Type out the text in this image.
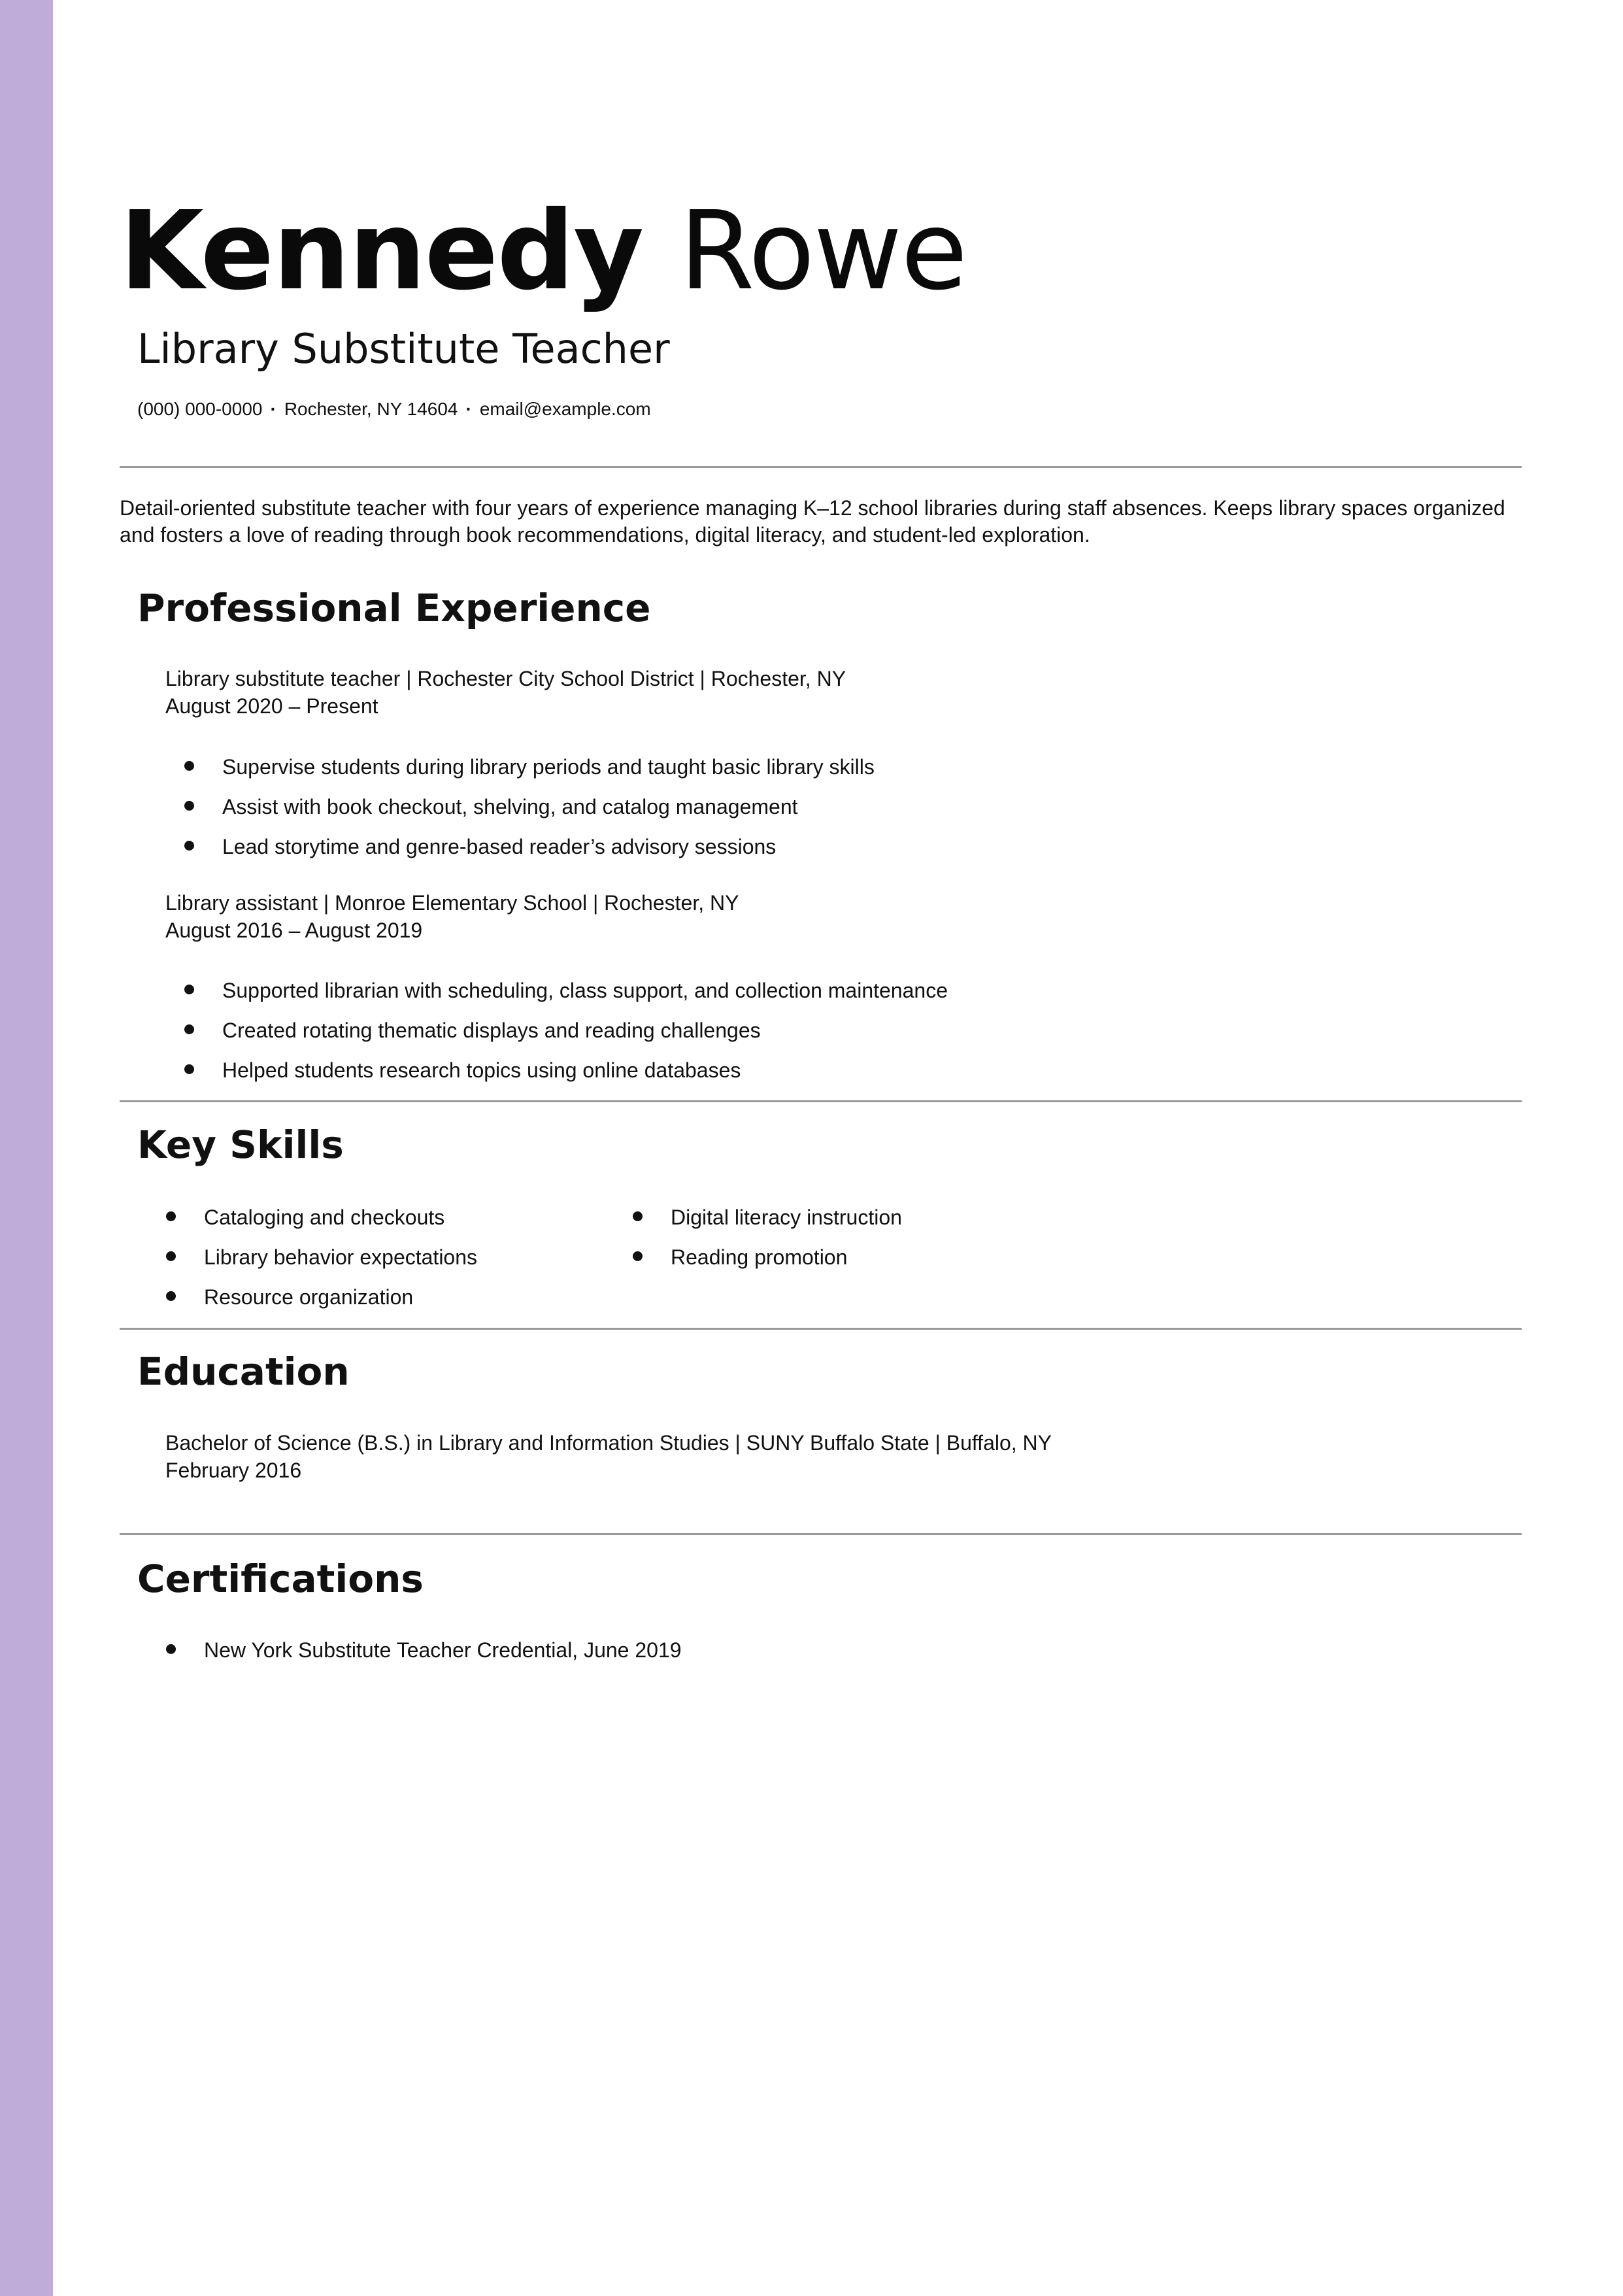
Kennedy Rowe
Library Substitute Teacher
(000) 000-0000 · Rochester, NY 14604 · email@example.com

Detail-oriented substitute teacher with four years of experience managing K–12 school libraries during staff absences. Keeps library spaces organized and fosters a love of reading through book recommendations, digital literacy, and student-led exploration.

Professional Experience
Library substitute teacher | Rochester City School District | Rochester, NY
August 2020 – Present
Supervise students during library periods and taught basic library skills
Assist with book checkout, shelving, and catalog management
Lead storytime and genre-based reader’s advisory sessions
Library assistant | Monroe Elementary School | Rochester, NY
August 2016 – August 2019
Supported librarian with scheduling, class support, and collection maintenance
Created rotating thematic displays and reading challenges
Helped students research topics using online databases
Key Skills
Cataloging and checkouts
Library behavior expectations
Resource organization
Digital literacy instruction
Reading promotion
Education
Bachelor of Science (B.S.) in Library and Information Studies | SUNY Buffalo State | Buffalo, NY
February 2016
Certifications
New York Substitute Teacher Credential, June 2019
